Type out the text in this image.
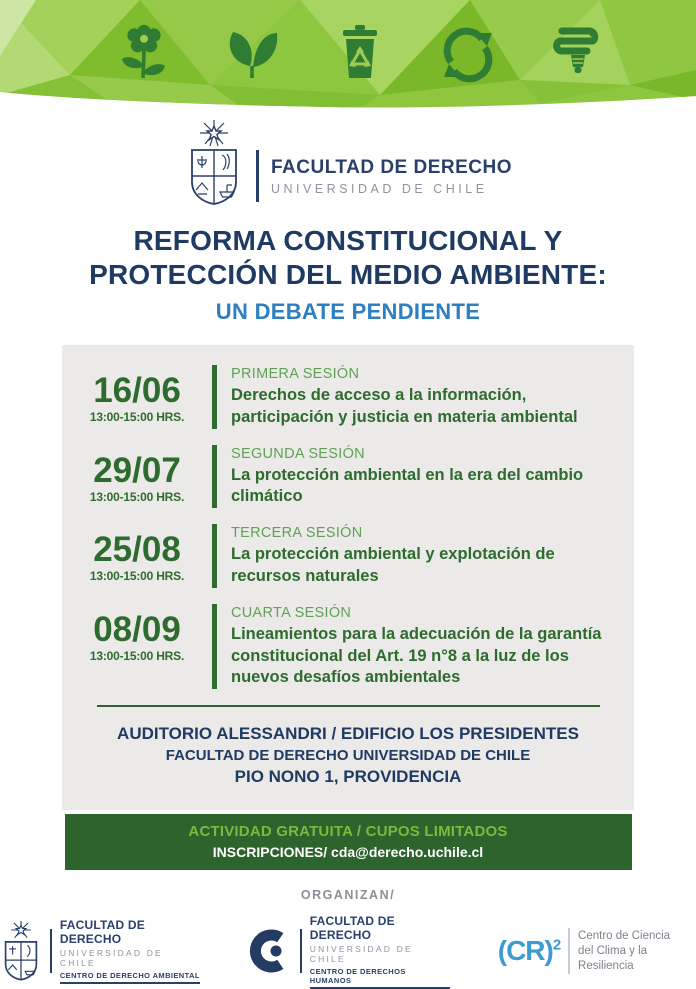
FACULTAD DE DERECHO
UNIVERSIDAD DE CHILE
REFORMA CONSTITUCIONAL Y
PROTECCIÓN DEL MEDIO AMBIENTE:
UN DEBATE PENDIENTE
16/06
13:00-15:00 HRS.
PRIMERA SESIÓN
Derechos de acceso a la información, participación y justicia en materia ambiental
29/07
13:00-15:00 HRS.
SEGUNDA SESIÓN
La protección ambiental en la era del cambio climático
25/08
13:00-15:00 HRS.
TERCERA SESIÓN
La protección ambiental y explotación de recursos naturales
08/09
13:00-15:00 HRS.
CUARTA SESIÓN
Lineamientos para la adecuación de la garantía constitucional del Art. 19 n°8 a la luz de los nuevos desafíos ambientales
AUDITORIO ALESSANDRI / EDIFICIO LOS PRESIDENTES
FACULTAD DE DERECHO UNIVERSIDAD DE CHILE
PIO NONO 1, PROVIDENCIA
ACTIVIDAD GRATUITA / CUPOS LIMITADOS
INSCRIPCIONES/ cda@derecho.uchile.cl
ORGANIZAN/
FACULTAD DE DERECHO
UNIVERSIDAD DE CHILE
CENTRO DE DERECHO AMBIENTAL
FACULTAD DE DERECHO
UNIVERSIDAD DE CHILE
CENTRO DE DERECHOS HUMANOS
(CR)$^2$
Centro de Ciencia
del Clima y la Resiliencia
